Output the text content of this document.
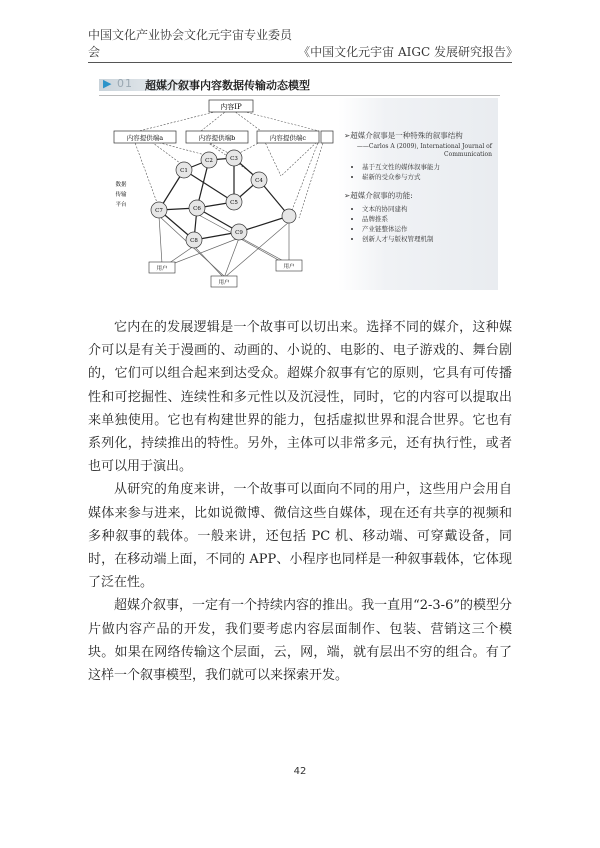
中国文化产业协会文化元宇宙专业委员会	《中国文化元宇宙 AIGC 发展研究报告》
▶ 01 超媒介叙事内容数据传输动态模型
内容IP
内容提供端a	内容提供端b	内容提供端c
C1
C2	C3
C4
C5
C6
C7
C8
C9
数据
传输
平台
用户
用户
用户
➢超媒介叙事是一种特殊的叙事结构
——Carlos A (2009), International Journal of
Communication
• 基于互文性的媒体叙事能力
• 崭新的受众参与方式
➢超媒介叙事的功能:
• 文本的协同建构
• 品牌推系
• 产业链整体运作
• 创新人才与版权管理机制

它内在的发展逻辑是一个故事可以切出来。选择不同的媒介，这种媒介可以是有关于漫画的、动画的、小说的、电影的、电子游戏的、舞台剧的，它们可以组合起来到达受众。超媒介叙事有它的原则，它具有可传播性和可挖掘性、连续性和多元性以及沉浸性，同时，它的内容可以提取出来单独使用。它也有构建世界的能力，包括虚拟世界和混合世界。它也有系列化，持续推出的特性。另外，主体可以非常多元，还有执行性，或者也可以用于演出。

从研究的角度来讲，一个故事可以面向不同的用户，这些用户会用自媒体来参与进来，比如说微博、微信这些自媒体，现在还有共享的视频和多种叙事的载体。一般来讲，还包括 PC 机、移动端、可穿戴设备，同时，在移动端上面，不同的 APP、小程序也同样是一种叙事载体，它体现了泛在性。

超媒介叙事，一定有一个持续内容的推出。我一直用“2-3-6”的模型分片做内容产品的开发，我们要考虑内容层面制作、包装、营销这三个模块。如果在网络传输这个层面，云，网，端，就有层出不穷的组合。有了这样一个叙事模型，我们就可以来探索开发。

42
